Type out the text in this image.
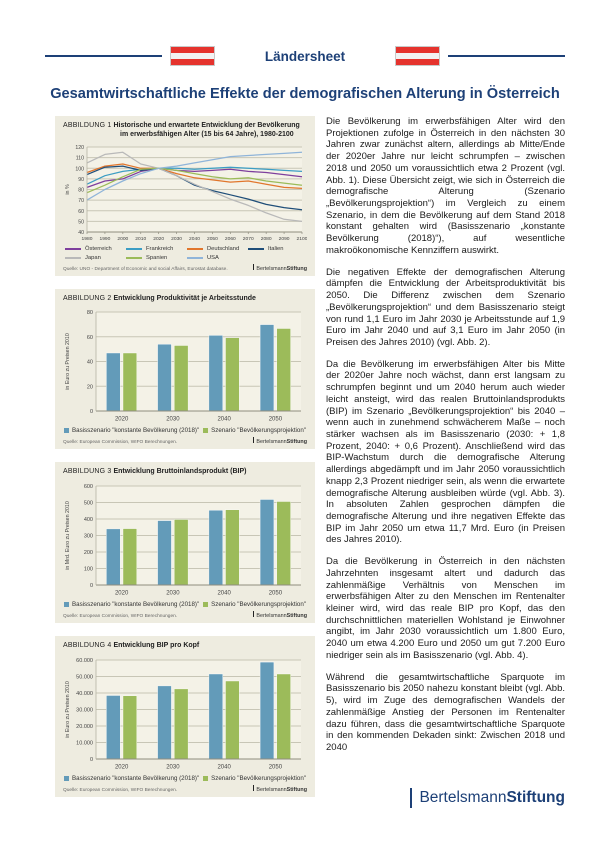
Ländersheet
Gesamtwirtschaftliche Effekte der demografischen Alterung in Österreich
ABBILDUNG 1 Historische und erwartete Entwicklung der Bevölkerung im erwerbsfähigen Alter (15 bis 64 Jahre), 1980-2100
40
50
60
70
80
90
100
110
120
in %
1980 1990 2000 2010 2020 2030 2040 2050 2060 2070 2080 2090 2100
Österreich	Frankreich	Deutschland	Italien
Japan	Spanien	USA
Quelle: UNO - Department of Economic and social Affairs, Eurostat database.	BertelsmannStiftung
ABBILDUNG 2 Entwicklung Produktivität je Arbeitsstunde
0
20
40
60
80
in Euro zu Preisen 2010
2020	2030	2040	2050
Basisszenario "konstante Bevölkerung (2018)" Szenario "Bevölkerungsprojektion"
Quelle: European Commission, WIFO Berechnungen.	BertelsmannStiftung
ABBILDUNG 3 Entwicklung Bruttoinlandsprodukt (BIP)
0
100
200
300
400
500
600
in Mrd. Euro zu Preisen 2010
2020	2030	2040	2050
Basisszenario "konstante Bevölkerung (2018)" Szenario "Bevölkerungsprojektion"
Quelle: European Commission, WIFO Berechnungen.	BertelsmannStiftung
ABBILDUNG 4 Entwicklung BIP pro Kopf
0
10.000
20.000
30.000
40.000
50.000
60.000
in Euro zu Preisen 2010
2020	2030	2040	2050
Basisszenario "konstante Bevölkerung (2018)" Szenario "Bevölkerungsprojektion"
Quelle: European Commission, WIFO Berechnungen.	BertelsmannStiftung

Die Bevölkerung im erwerbsfähigen Alter wird den Projektionen zufolge in Österreich in den nächsten 30 Jahren zwar zunächst altern, allerdings ab Mitte/Ende der 2020er Jahre nur leicht schrumpfen – zwischen 2018 und 2050 um voraussichtlich etwa 2 Prozent (vgl. Abb. 1). Diese Übersicht zeigt, wie sich in Österreich die demografische Alterung (Szenario „Bevölkerungsprojektion“) im Vergleich zu einem Szenario, in dem die Bevölkerung auf dem Stand 2018 konstant gehalten wird (Basisszenario „konstante Bevölkerung (2018)“), auf wesentliche makroökonomische Kennziffern auswirkt.

Die negativen Effekte der demografischen Alterung dämpfen die Entwicklung der Arbeitsproduktivität bis 2050. Die Differenz zwischen dem Szenario „Bevölkerungsprojektion“ und dem Basisszenario steigt von rund 1,1 Euro im Jahr 2030 je Arbeitsstunde auf 1,9 Euro im Jahr 2040 und auf 3,1 Euro im Jahr 2050 (in Preisen des Jahres 2010) (vgl. Abb. 2).

Da die Bevölkerung im erwerbsfähigen Alter bis Mitte der 2020er Jahre noch wächst, dann erst langsam zu schrumpfen beginnt und um 2040 herum auch wieder leicht ansteigt, wird das realen Bruttoinlandsprodukts (BIP) im Szenario „Bevölkerungsprojektion“ bis 2040 – wenn auch in zunehmend schwächerem Maße – noch stärker wachsen als im Basisszenario (2030: + 1,8 Prozent, 2040: + 0,6 Prozent). Anschließend wird das BIP-Wachstum durch die demografische Alterung allerdings abgedämpft und im Jahr 2050 voraussichtlich knapp 2,3 Prozent niedriger sein, als wenn die erwartete demografische Alterung ausbleiben würde (vgl. Abb. 3). In absoluten Zahlen gesprochen dämpfen die demografische Alterung und ihre negativen Effekte das BIP im Jahr 2050 um etwa 11,7 Mrd. Euro (in Preisen des Jahres 2010).

Da die Bevölkerung in Österreich in den nächsten Jahrzehnten insgesamt altert und dadurch das zahlenmäßige Verhältnis von Menschen im erwerbsfähigen Alter zu den Menschen im Rentenalter kleiner wird, wird das reale BIP pro Kopf, das den durchschnittlichen materiellen Wohlstand je Einwohner angibt, im Jahr 2030 voraussichtlich um 1.800 Euro, 2040 um etwa 4.200 Euro und 2050 um gut 7.200 Euro niedriger sein als im Basisszenario (vgl. Abb. 4).

Während die gesamtwirtschaftliche Sparquote im Basisszenario bis 2050 nahezu konstant bleibt (vgl. Abb. 5), wird im Zuge des demografischen Wandels der zahlenmäßige Anstieg der Personen im Rentenalter dazu führen, dass die gesamtwirtschaftliche Sparquote in den kommenden Dekaden sinkt: Zwischen 2018 und 2040

Bertelsmann Stiftung
